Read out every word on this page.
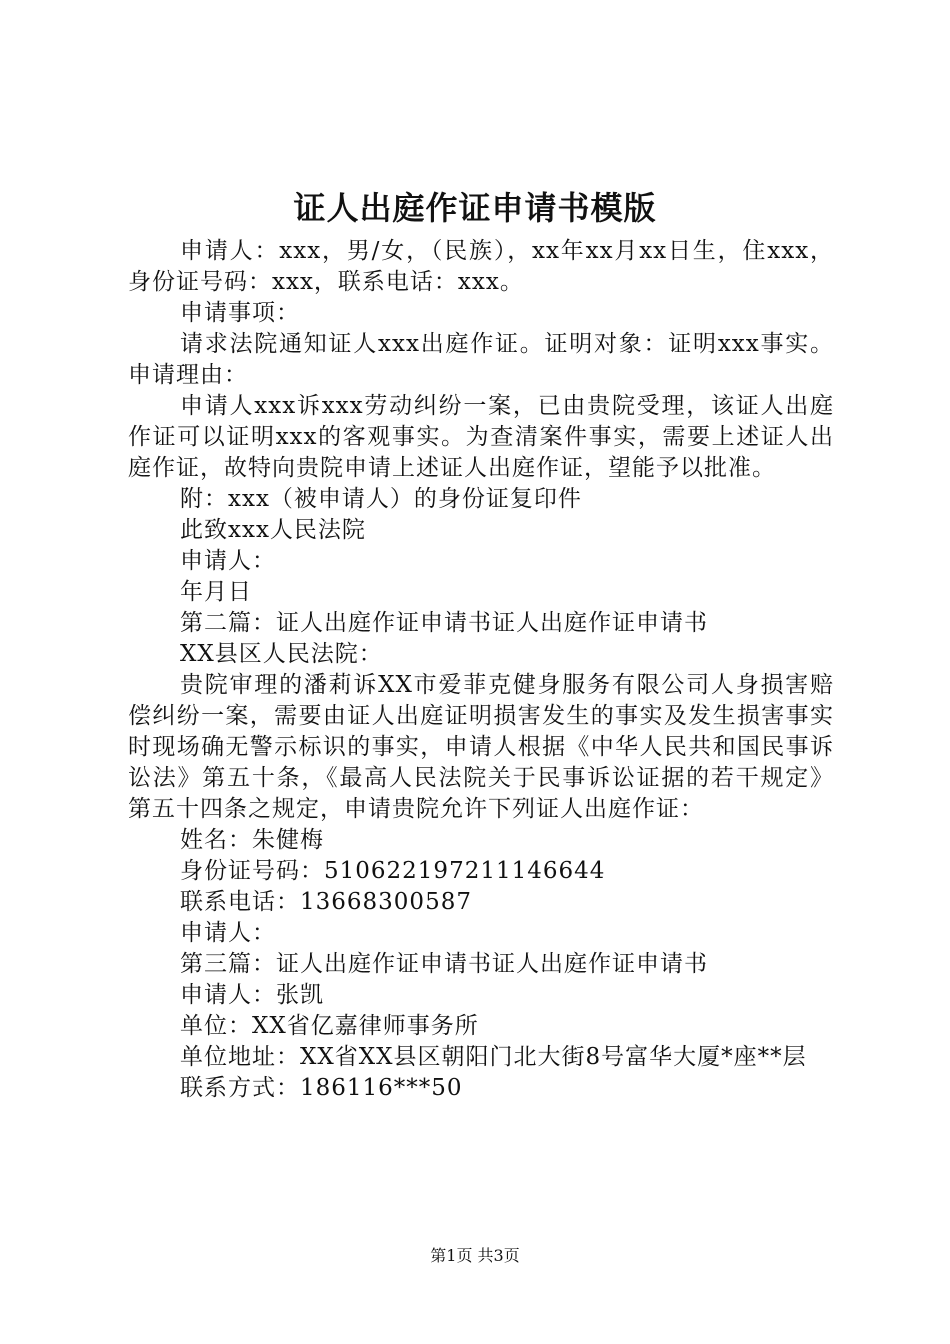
证人出庭作证申请书模版

申请人：xxx，男/女，（民族），xx年xx月xx日生，住xxx，身份证号码：xxx，联系电话：xxx。

申请事项：

请求法院通知证人xxx出庭作证。证明对象：证明xxx事实。申请理由：

申请人xxx诉xxx劳动纠纷一案，已由贵院受理，该证人出庭作证可以证明xxx的客观事实。为查清案件事实，需要上述证人出庭作证，故特向贵院申请上述证人出庭作证，望能予以批准。

附：xxx（被申请人）的身份证复印件

此致xxx人民法院

申请人：

年月日

第二篇：证人出庭作证申请书证人出庭作证申请书

XX县区人民法院：

贵院审理的潘莉诉XX市爱菲克健身服务有限公司人身损害赔偿纠纷一案，需要由证人出庭证明损害发生的事实及发生损害事实时现场确无警示标识的事实，申请人根据《中华人民共和国民事诉讼法》第五十条，《最高人民法院关于民事诉讼证据的若干规定》第五十四条之规定，申请贵院允许下列证人出庭作证：

姓名：朱健梅

身份证号码：510622197211146644

联系电话：13668300587

申请人：

第三篇：证人出庭作证申请书证人出庭作证申请书

申请人：张凯

单位：XX省亿嘉律师事务所

单位地址：XX省XX县区朝阳门北大街8号富华大厦*座**层

联系方式：186116***50

第1页 共3页
